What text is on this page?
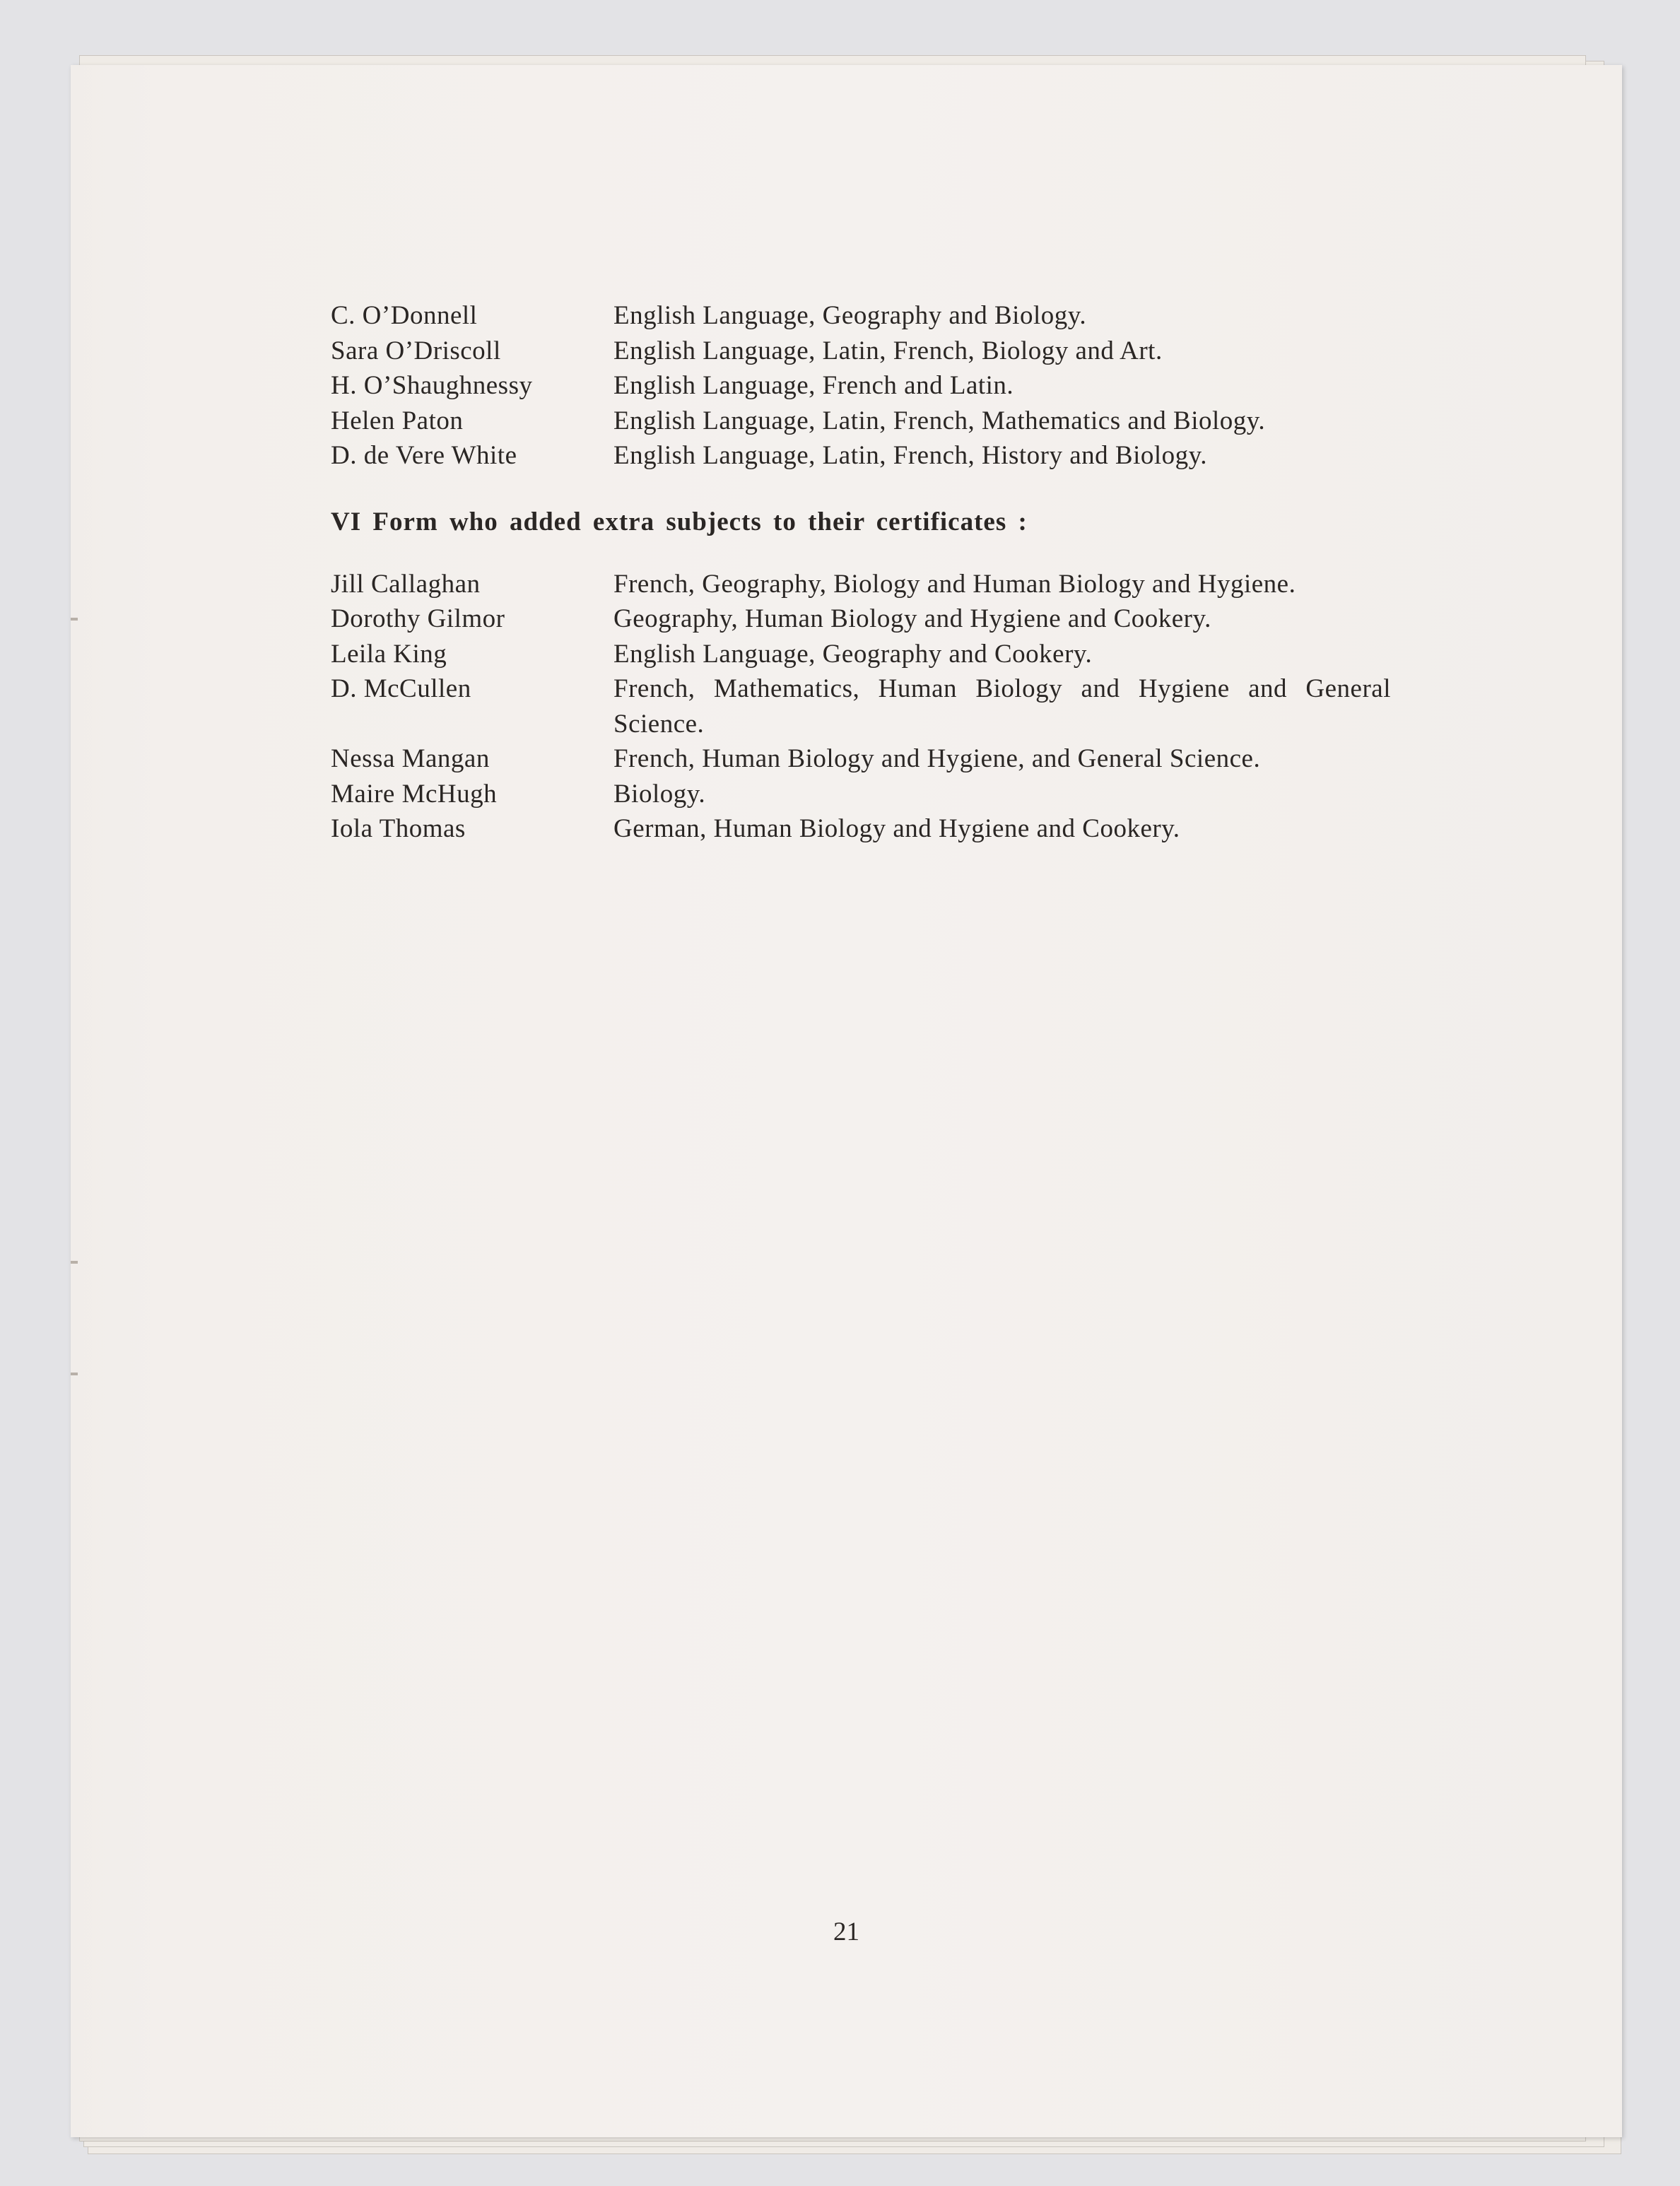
C. O’Donnell	English Language, Geography and Biology.
Sara O’Driscoll	English Language, Latin, French, Biology and Art.
H. O’Shaughnessy	English Language, French and Latin.
Helen Paton	English Language, Latin, French, Mathematics and Biology.
D. de Vere White	English Language, Latin, French, History and Biology.
VI Form who added extra subjects to their certificates :
Jill Callaghan	French, Geography, Biology and Human Biology and Hygiene.
Dorothy Gilmor	Geography, Human Biology and Hygiene and Cookery.
Leila King	English Language, Geography and Cookery.
D. McCullen	French, Mathematics, Human Biology and Hygiene and General Science.
Nessa Mangan	French, Human Biology and Hygiene, and General Science.
Maire McHugh	Biology.
Iola Thomas	German, Human Biology and Hygiene and Cookery.
21
